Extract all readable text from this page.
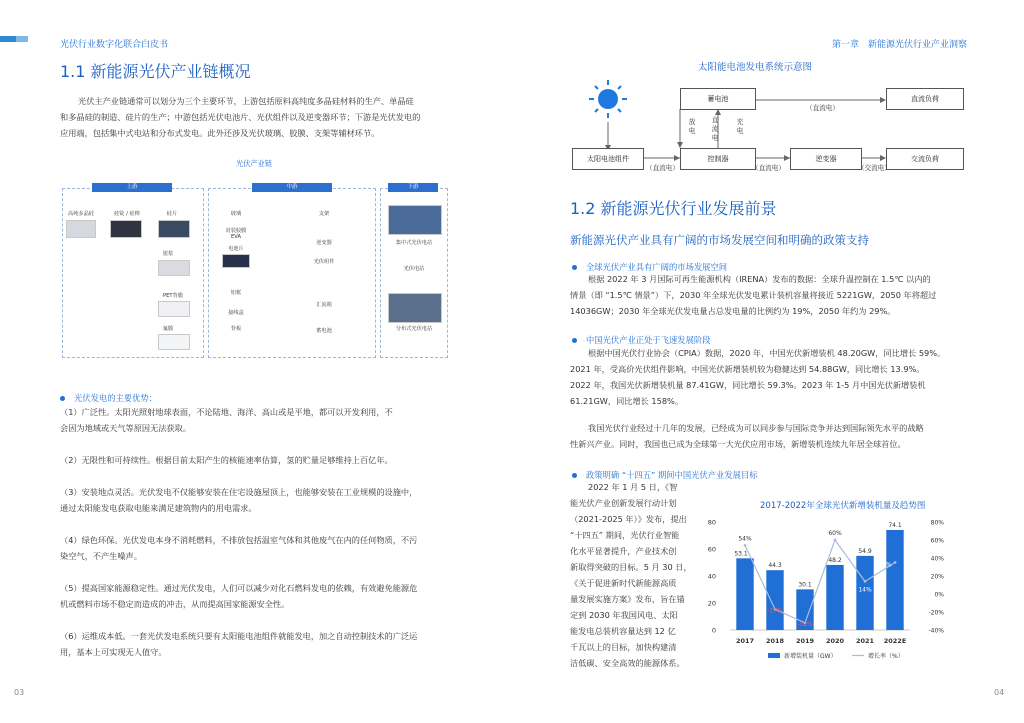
光伏行业数字化联合白皮书	第一章　新能源光伏行业产业洞察
1.1 新能源光伏产业链概况
光伏主产业链通常可以划分为三个主要环节，上游包括原料高纯度多晶硅材料的生产、单晶硅
和多晶硅的制造、硅片的生产；中游包括光伏电池片、光伏组件以及逆变器环节；下游是光伏发电的
应用端，包括集中式电站和分布式发电。此外还涉及光伏玻璃、胶膜、支架等辅材环节。
光伏产业链
上游	中游	下游
高纯多晶硅	硅锭 / 硅棒	硅片
银浆
PET背膜
氟膜
玻璃
封装胶膜 EVA
电池片
铝框
接线盒
背板
支架
逆变器
光伏组件
汇流箱
蓄电池
集中式光伏电站
光伏电站
分布式光伏电站
光伏发电的主要优势：
（1）广泛性。太阳光照射地球表面，不论陆地、海洋、高山或是平地，都可以开发利用，不
会因为地域或天气等原因无法获取。
（2）无限性和可持续性。根据目前太阳产生的核能速率估算，氢的贮量足够维持上百亿年。
（3）安装地点灵活。光伏发电不仅能够安装在住宅设施屋顶上，也能够安装在工业规模的设施中，
通过太阳能发电获取电能来满足建筑物内的用电需求。
（4）绿色环保。光伏发电本身不消耗燃料，不排放包括温室气体和其他废气在内的任何物质，不污
染空气，不产生噪声。
（5）提高国家能源稳定性。通过光伏发电，人们可以减少对化石燃料发电的依赖，有效避免能源危
机或燃料市场不稳定而造成的冲击，从而提高国家能源安全性。
（6）运维成本低。一套光伏发电系统只要有太阳能电池组件就能发电，加之自动控制技术的广泛运
用，基本上可实现无人值守。
03
太阳能电池发电系统示意图
蓄电池	直流负荷
太阳电池组件	控制器	逆变器	交流负荷
（直流电）
（直流电）	（直流电）	（交流电）
放电
直流电
充电
1.2 新能源光伏行业发展前景
新能源光伏产业具有广阔的市场发展空间和明确的政策支持
全球光伏产业具有广阔的市场发展空间
根据 2022 年 3 月国际可再生能源机构（IRENA）发布的数据：全球升温控制在 1.5℃ 以内的
情景（即 “1.5℃ 情景”）下，2030 年全球光伏发电累计装机容量将接近 5221GW，2050 年将超过
14036GW；2030 年全球光伏发电量占总发电量的比例约为 19%，2050 年约为 29%。
中国光伏产业正处于飞速发展阶段
根据中国光伏行业协会（CPIA）数据，2020 年，中国光伏新增装机 48.20GW，同比增长 59%。
2021 年，受高价光伏组件影响，中国光伏新增装机较为稳健达到 54.88GW，同比增长 13.9%。
2022 年，我国光伏新增装机量 87.41GW，同比增长 59.3%。2023 年 1-5 月中国光伏新增装机
61.21GW，同比增长 158%。
我国光伏行业经过十几年的发展，已经成为可以同步参与国际竞争并达到国际领先水平的战略
性新兴产业。同时，我国也已成为全球第一大光伏应用市场，新增装机连续九年居全球首位。
政策明确 “十四五” 期间中国光伏产业发展目标
2022 年 1 月 5 日，《智
能光伏产业创新发展行动计划
（2021-2025 年）》发布，提出
“十四五” 期间，光伏行业智能
化水平显著提升，产业技术创
新取得突破的目标。5 月 30 日，
《关于促进新时代新能源高质
量发展实施方案》发布，旨在锚
定到 2030 年我国风电、太阳
能发电总装机容量达到 12 亿
千瓦以上的目标，加快构建清
洁低碳、安全高效的能源体系。
2017-2022年全球光伏新增装机量及趋势图
0
20
40
60
80
-40%
-20%
0%
20%
40%
60%
80%
53.1
44.3
30.1
48.2
54.9
74.1
54%
-17%
-32%
60%
14%
35%
2017 2018 2019 2020 2021 2022E
新增装机量（GW）	增长率（%）
04
